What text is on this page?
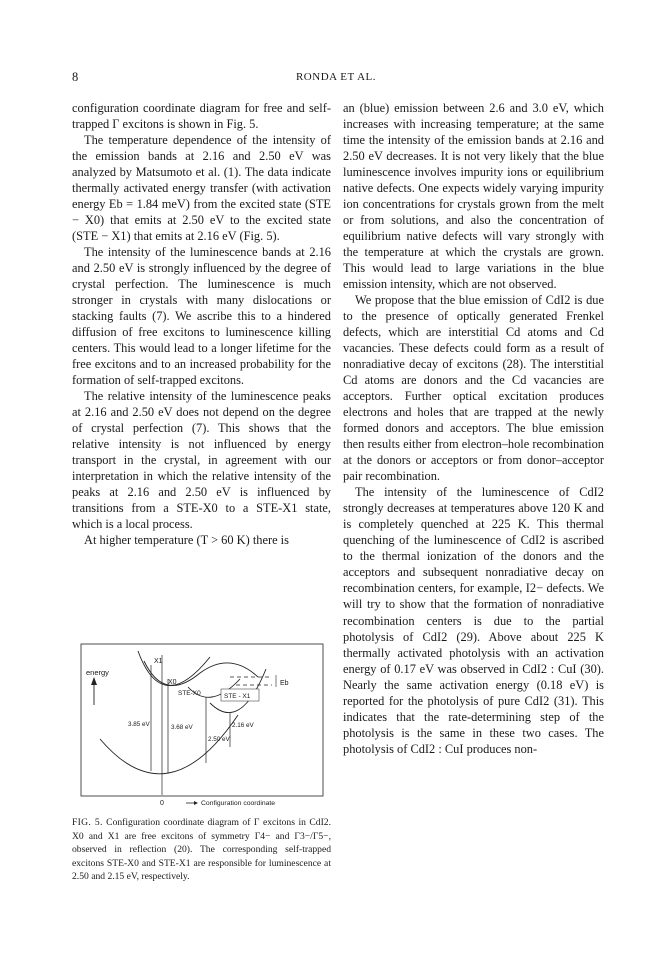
8	RONDA ET AL.

configuration coordinate diagram for free and self-trapped Γ excitons is shown in Fig. 5.

The temperature dependence of the intensity of the emission bands at 2.16 and 2.50 eV was analyzed by Matsumoto et al. (1). The data indicate thermally activated energy transfer (with activation energy Eb = 1.84 meV) from the excited state (STE − X0) that emits at 2.50 eV to the excited state (STE − X1) that emits at 2.16 eV (Fig. 5).

The intensity of the luminescence bands at 2.16 and 2.50 eV is strongly influenced by the degree of crystal perfection. The luminescence is much stronger in crystals with many dislocations or stacking faults (7). We ascribe this to a hindered diffusion of free excitons to luminescence killing centers. This would lead to a longer lifetime for the free excitons and to an increased probability for the formation of self-trapped excitons.

The relative intensity of the luminescence peaks at 2.16 and 2.50 eV does not depend on the degree of crystal perfection (7). This shows that the relative intensity is not influenced by energy transport in the crystal, in agreement with our interpretation in which the relative intensity of the peaks at 2.16 and 2.50 eV is influenced by transitions from a STE-X0 to a STE-X1 state, which is a local process.

At higher temperature (T > 60 K) there is

energy
X1
X0
STE-X0	STE - X1
Eb
3.85 eV	3.68 eV
2.50 eV
2.16 eV
0	Configuration coordinate
FIG. 5. Configuration coordinate diagram of Γ excitons in CdI2. X0 and X1 are free excitons of symmetry Γ4− and Γ3−/Γ5−, observed in reflection (20). The corresponding self-trapped excitons STE-X0 and STE-X1 are responsible for luminescence at 2.50 and 2.15 eV, respectively.

an (blue) emission between 2.6 and 3.0 eV, which increases with increasing temperature; at the same time the intensity of the emission bands at 2.16 and 2.50 eV decreases. It is not very likely that the blue luminescence involves impurity ions or equilibrium native defects. One expects widely varying impurity ion concentrations for crystals grown from the melt or from solutions, and also the concentration of equilibrium native defects will vary strongly with the temperature at which the crystals are grown. This would lead to large variations in the blue emission intensity, which are not observed.

We propose that the blue emission of CdI2 is due to the presence of optically generated Frenkel defects, which are interstitial Cd atoms and Cd vacancies. These defects could form as a result of nonradiative decay of excitons (28). The interstitial Cd atoms are donors and the Cd vacancies are acceptors. Further optical excitation produces electrons and holes that are trapped at the newly formed donors and acceptors. The blue emission then results either from electron–hole recombination at the donors or acceptors or from donor–acceptor pair recombination.

The intensity of the luminescence of CdI2 strongly decreases at temperatures above 120 K and is completely quenched at 225 K. This thermal quenching of the luminescence of CdI2 is ascribed to the thermal ionization of the donors and the acceptors and subsequent nonradiative decay on recombination centers, for example, I2− defects. We will try to show that the formation of nonradiative recombination centers is due to the partial photolysis of CdI2 (29). Above about 225 K thermally activated photolysis with an activation energy of 0.17 eV was observed in CdI2 : CuI (30). Nearly the same activation energy (0.18 eV) is reported for the photolysis of pure CdI2 (31). This indicates that the rate-determining step of the photolysis is the same in these two cases. The photolysis of CdI2 : CuI produces non-
